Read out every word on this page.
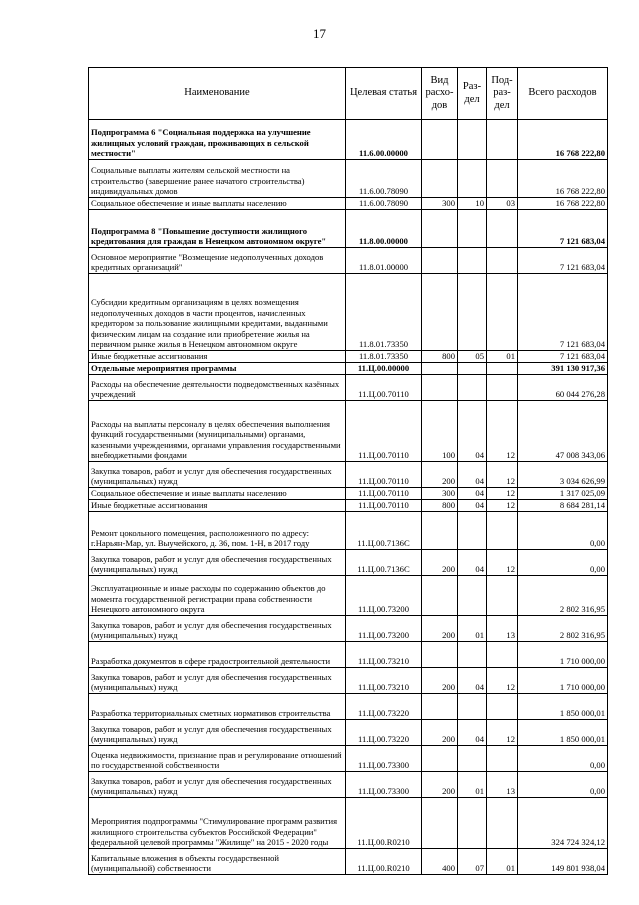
17
Наименование	Целевая статья	Вид расхо-дов	Раз-дел	Под-раз-дел	Всего расходов
Подпрограмма 6 "Социальная поддержка на улучшение жилищных условий граждан, проживающих в сельской местности"	11.6.00.00000				16 768 222,80
Социальные выплаты жителям сельской местности на строительство (завершение ранее начатого строительства) индивидуальных домов	11.6.00.78090				16 768 222,80
Социальное обеспечение и иные выплаты населению	11.6.00.78090	300	10	03	16 768 222,80
Подпрограмма 8 "Повышение доступности жилищного кредитования для граждан в Ненецком автономном округе"	11.8.00.00000				7 121 683,04
Основное мероприятие "Возмещение недополученных доходов кредитных организаций"	11.8.01.00000				7 121 683,04
Субсидии кредитным организациям в целях возмещения недополученных доходов в части процентов, начисленных кредитором за пользование жилищными кредитами, выданными физическим лицам на создание или приобретение жилья на первичном рынке жилья в Ненецком автономном округе	11.8.01.73350				7 121 683,04
Иные бюджетные ассигнования	11.8.01.73350	800	05	01	7 121 683,04
Отдельные мероприятия программы	11.Ц.00.00000				391 130 917,36
Расходы на обеспечение деятельности подведомственных казённых учреждений	11.Ц.00.70110				60 044 276,28
Расходы на выплаты персоналу в целях обеспечения выполнения функций государственными (муниципальными) органами, казенными учреждениями, органами управления государственными внебюджетными фондами	11.Ц.00.70110	100	04	12	47 008 343,06
Закупка товаров, работ и услуг для обеспечения государственных (муниципальных) нужд	11.Ц.00.70110	200	04	12	3 034 626,99
Социальное обеспечение и иные выплаты населению	11.Ц.00.70110	300	04	12	1 317 025,09
Иные бюджетные ассигнования	11.Ц.00.70110	800	04	12	8 684 281,14
Ремонт цокольного помещения, расположенного по адресу: г.Нарьян-Мар, ул. Выучейского, д. 36, пом. 1-Н, в 2017 году	11.Ц.00.7136С				0,00
Закупка товаров, работ и услуг для обеспечения государственных (муниципальных) нужд	11.Ц.00.7136С	200	04	12	0,00
Эксплуатационные и иные расходы по содержанию объектов до момента государственной регистрации права собственности Ненецкого автономного округа	11.Ц.00.73200				2 802 316,95
Закупка товаров, работ и услуг для обеспечения государственных (муниципальных) нужд	11.Ц.00.73200	200	01	13	2 802 316,95
Разработка документов в сфере градостроительной деятельности	11.Ц.00.73210				1 710 000,00
Закупка товаров, работ и услуг для обеспечения государственных (муниципальных) нужд	11.Ц.00.73210	200	04	12	1 710 000,00
Разработка территориальных сметных нормативов строительства	11.Ц.00.73220				1 850 000,01
Закупка товаров, работ и услуг для обеспечения государственных (муниципальных) нужд	11.Ц.00.73220	200	04	12	1 850 000,01
Оценка недвижимости, признание прав и регулирование отношений по государственной собственности	11.Ц.00.73300				0,00
Закупка товаров, работ и услуг для обеспечения государственных (муниципальных) нужд	11.Ц.00.73300	200	01	13	0,00
Мероприятия подпрограммы "Стимулирование программ развития жилищного строительства субъектов Российской Федерации" федеральной целевой программы "Жилище" на 2015 - 2020 годы	11.Ц.00.R0210				324 724 324,12
Капитальные вложения в объекты государственной (муниципальной) собственности	11.Ц.00.R0210	400	07	01	149 801 938,04
